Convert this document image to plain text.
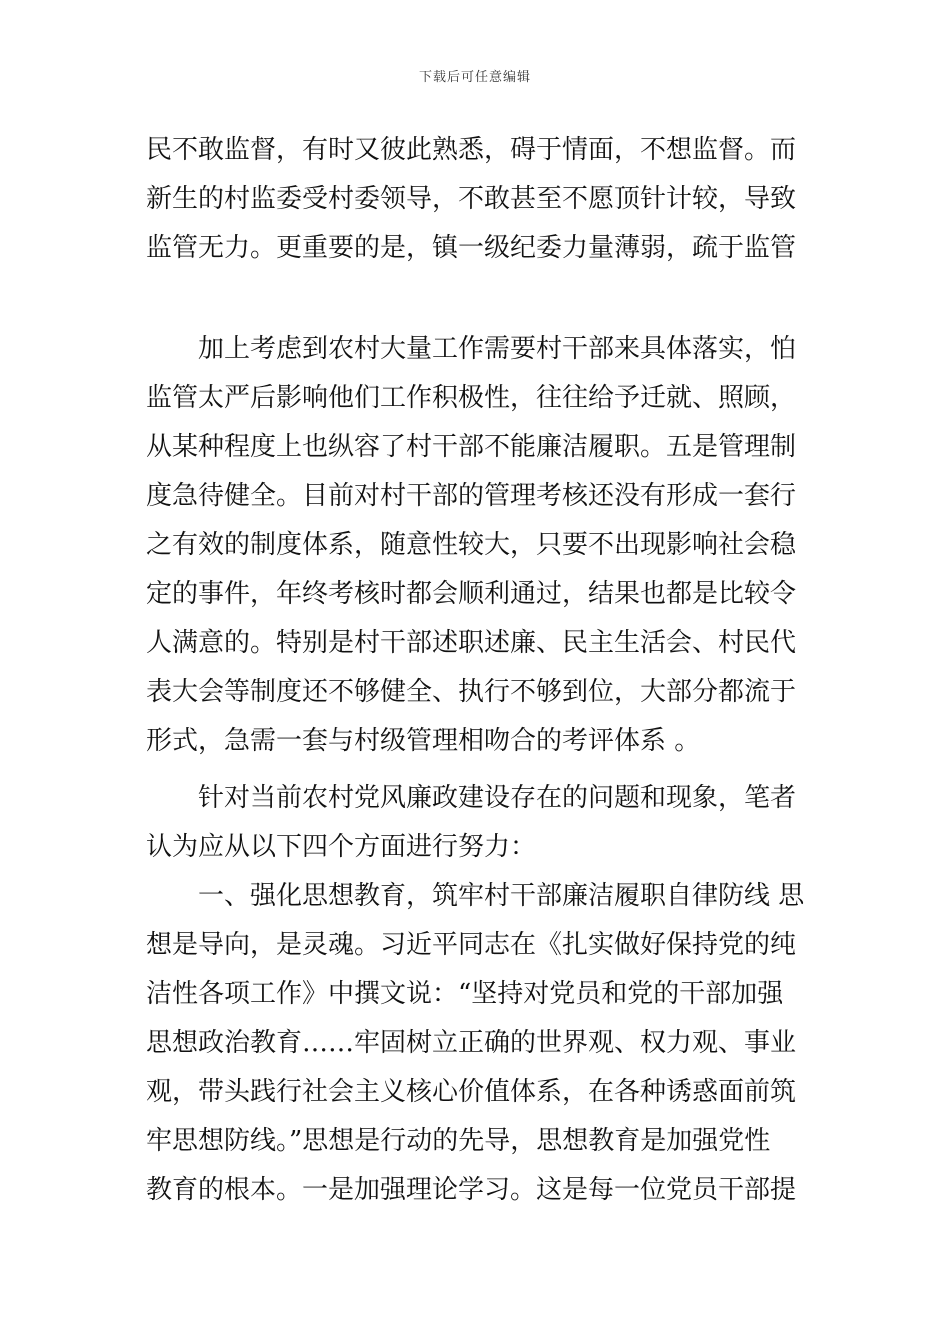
下载后可任意编辑
民不敢监督，有时又彼此熟悉，碍于情面，不想监督。而
新生的村监委受村委领导，不敢甚至不愿顶针计较，导致
监管无力。更重要的是，镇一级纪委力量薄弱，疏于监管
　　加上考虑到农村大量工作需要村干部来具体落实，怕
监管太严后影响他们工作积极性，往往给予迁就、照顾，
从某种程度上也纵容了村干部不能廉洁履职。五是管理制
度急待健全。目前对村干部的管理考核还没有形成一套行
之有效的制度体系，随意性较大，只要不出现影响社会稳
定的事件，年终考核时都会顺利通过，结果也都是比较令
人满意的。特别是村干部述职述廉、民主生活会、村民代
表大会等制度还不够健全、执行不够到位，大部分都流于
形式，急需一套与村级管理相吻合的考评体系 。
　　针对当前农村党风廉政建设存在的问题和现象，笔者
认为应从以下四个方面进行努力：
　　一、强化思想教育，筑牢村干部廉洁履职自律防线 思
想是导向，是灵魂。习近平同志在《扎实做好保持党的纯
洁性各项工作》中撰文说：“坚持对党员和党的干部加强
思想政治教育……牢固树立正确的世界观、权力观、事业
观，带头践行社会主义核心价值体系，在各种诱惑面前筑
牢思想防线。”思想是行动的先导，思想教育是加强党性
教育的根本。一是加强理论学习。这是每一位党员干部提
